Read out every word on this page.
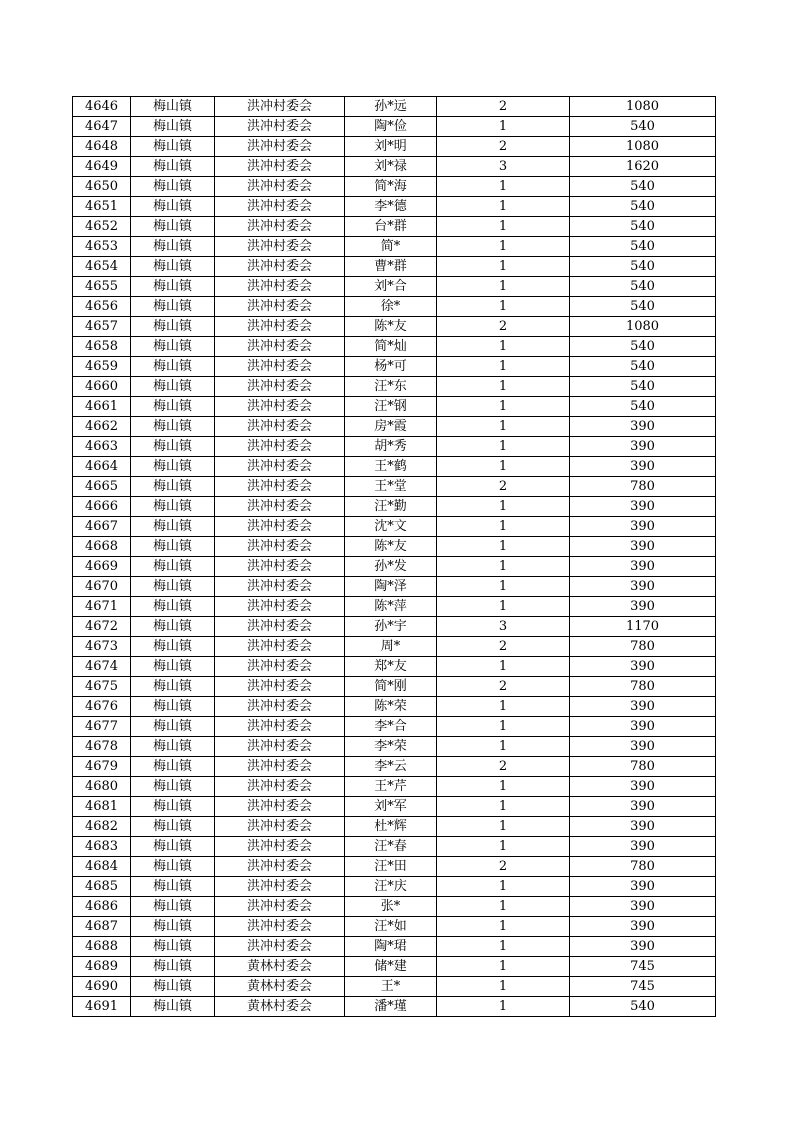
4646	梅山镇	洪冲村委会	孙*远	2	1080
4647	梅山镇	洪冲村委会	陶*俭	1	540
4648	梅山镇	洪冲村委会	刘*明	2	1080
4649	梅山镇	洪冲村委会	刘*禄	3	1620
4650	梅山镇	洪冲村委会	简*海	1	540
4651	梅山镇	洪冲村委会	李*德	1	540
4652	梅山镇	洪冲村委会	台*群	1	540
4653	梅山镇	洪冲村委会	简*	1	540
4654	梅山镇	洪冲村委会	曹*群	1	540
4655	梅山镇	洪冲村委会	刘*合	1	540
4656	梅山镇	洪冲村委会	徐*	1	540
4657	梅山镇	洪冲村委会	陈*友	2	1080
4658	梅山镇	洪冲村委会	简*灿	1	540
4659	梅山镇	洪冲村委会	杨*可	1	540
4660	梅山镇	洪冲村委会	汪*东	1	540
4661	梅山镇	洪冲村委会	汪*钢	1	540
4662	梅山镇	洪冲村委会	房*霞	1	390
4663	梅山镇	洪冲村委会	胡*秀	1	390
4664	梅山镇	洪冲村委会	王*鹤	1	390
4665	梅山镇	洪冲村委会	王*堂	2	780
4666	梅山镇	洪冲村委会	汪*勤	1	390
4667	梅山镇	洪冲村委会	沈*文	1	390
4668	梅山镇	洪冲村委会	陈*友	1	390
4669	梅山镇	洪冲村委会	孙*发	1	390
4670	梅山镇	洪冲村委会	陶*泽	1	390
4671	梅山镇	洪冲村委会	陈*萍	1	390
4672	梅山镇	洪冲村委会	孙*宇	3	1170
4673	梅山镇	洪冲村委会	周*	2	780
4674	梅山镇	洪冲村委会	郑*友	1	390
4675	梅山镇	洪冲村委会	简*刚	2	780
4676	梅山镇	洪冲村委会	陈*荣	1	390
4677	梅山镇	洪冲村委会	李*合	1	390
4678	梅山镇	洪冲村委会	李*荣	1	390
4679	梅山镇	洪冲村委会	李*云	2	780
4680	梅山镇	洪冲村委会	王*芹	1	390
4681	梅山镇	洪冲村委会	刘*军	1	390
4682	梅山镇	洪冲村委会	杜*辉	1	390
4683	梅山镇	洪冲村委会	汪*春	1	390
4684	梅山镇	洪冲村委会	汪*田	2	780
4685	梅山镇	洪冲村委会	汪*庆	1	390
4686	梅山镇	洪冲村委会	张*	1	390
4687	梅山镇	洪冲村委会	汪*如	1	390
4688	梅山镇	洪冲村委会	陶*珺	1	390
4689	梅山镇	黄林村委会	储*建	1	745
4690	梅山镇	黄林村委会	王*	1	745
4691	梅山镇	黄林村委会	潘*瑾	1	540
